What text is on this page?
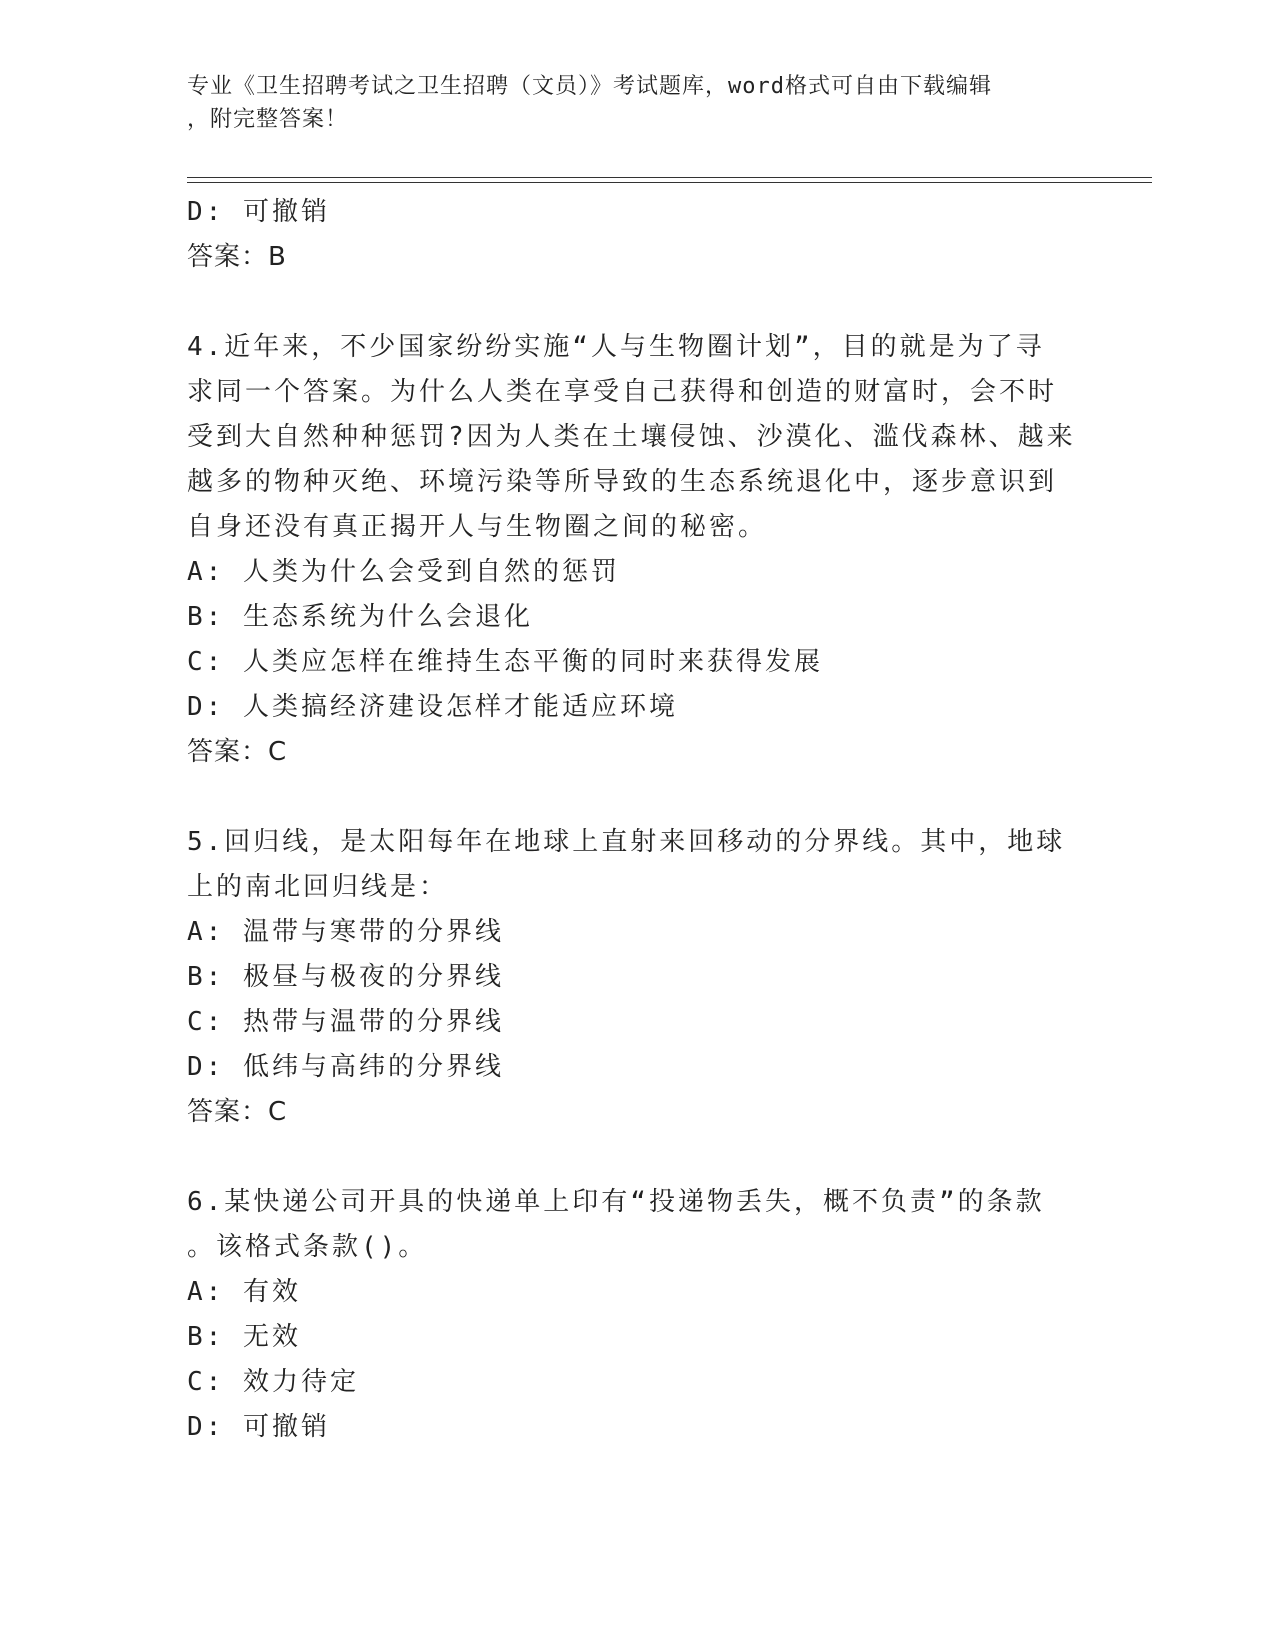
专业《卫生招聘考试之卫生招聘（文员）》考试题库，word格式可自由下载编辑
，附完整答案！
D: 可撤销
答案：B
4.近年来，不少国家纷纷实施“人与生物圈计划”，目的就是为了寻
求同一个答案。为什么人类在享受自己获得和创造的财富时，会不时
受到大自然种种惩罚?因为人类在土壤侵蚀、沙漠化、滥伐森林、越来
越多的物种灭绝、环境污染等所导致的生态系统退化中，逐步意识到
自身还没有真正揭开人与生物圈之间的秘密。
A: 人类为什么会受到自然的惩罚
B: 生态系统为什么会退化
C: 人类应怎样在维持生态平衡的同时来获得发展
D: 人类搞经济建设怎样才能适应环境
答案：C
5.回归线，是太阳每年在地球上直射来回移动的分界线。其中，地球
上的南北回归线是：
A: 温带与寒带的分界线
B: 极昼与极夜的分界线
C: 热带与温带的分界线
D: 低纬与高纬的分界线
答案：C
6.某快递公司开具的快递单上印有“投递物丢失，概不负责”的条款
。该格式条款()。
A: 有效
B: 无效
C: 效力待定
D: 可撤销
